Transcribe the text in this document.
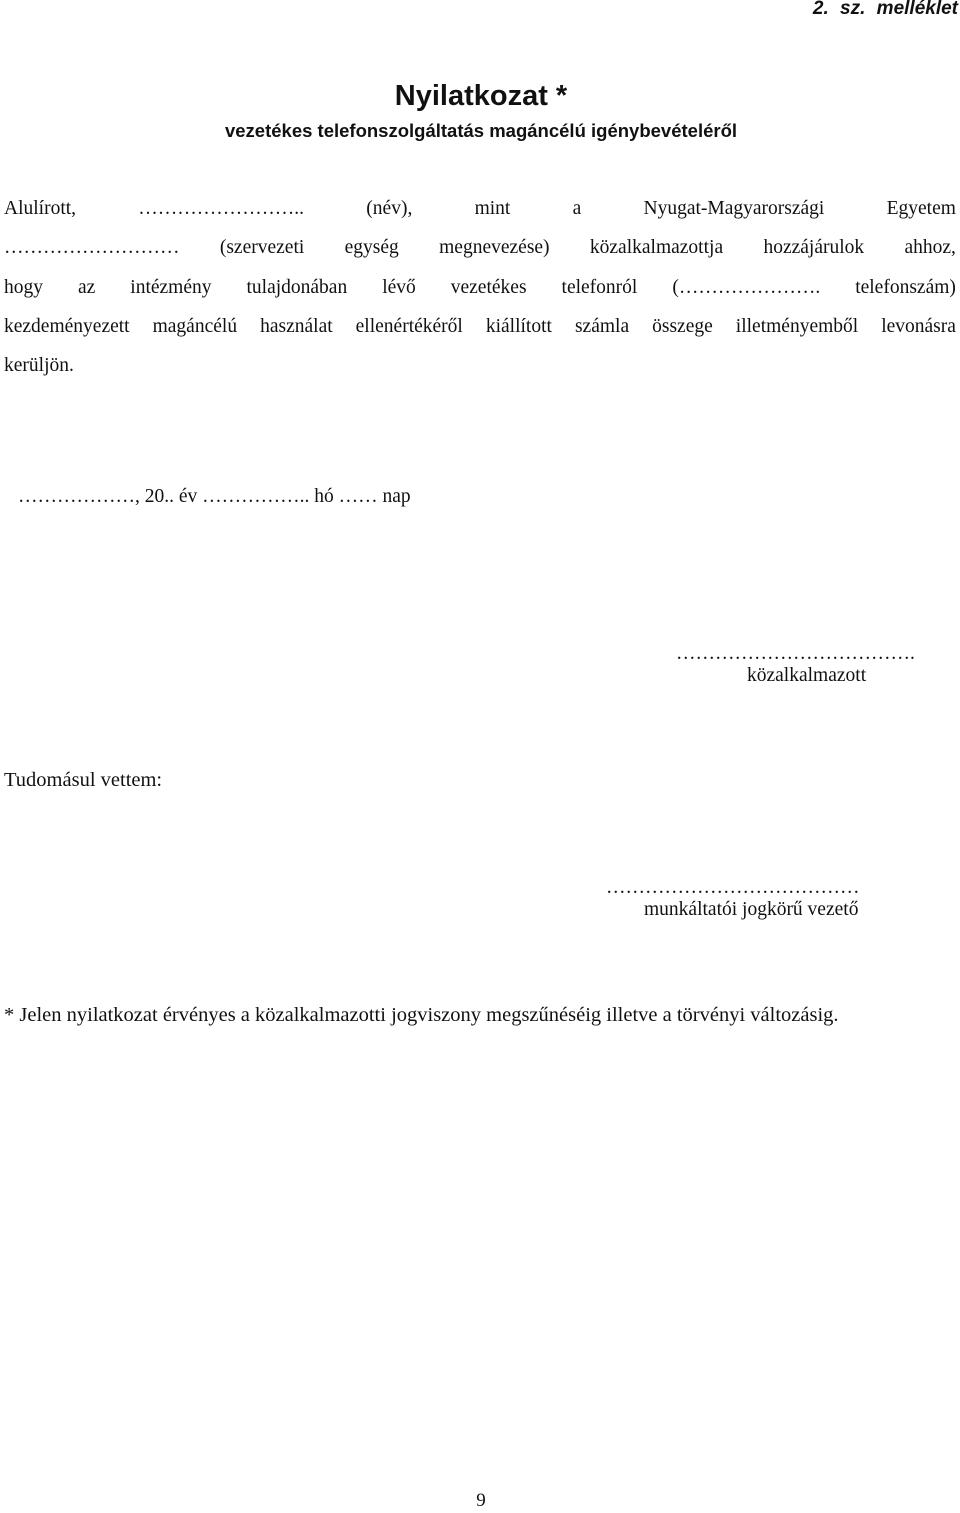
2. sz. melléklet
Nyilatkozat *
vezetékes telefonszolgáltatás magáncélú igénybevételéről
Alulírott,	……………………..	(név),	mint	a	Nyugat-Magyarországi	Egyetem
……………………… (szervezeti egység megnevezése) közalkalmazottja hozzájárulok ahhoz,
hogy az intézmény tulajdonában lévő vezetékes telefonról (…………………. telefonszám)
kezdeményezett magáncélú használat ellenértékéről kiállított számla összege illetményemből levonásra
kerüljön.
………………, 20.. év …………….. hó …… nap
……………………………….
közalkalmazott
Tudomásul vettem:
…………………………………
munkáltatói jogkörű vezető
* Jelen nyilatkozat érvényes a közalkalmazotti jogviszony megszűnéséig illetve a törvényi változásig.
9
